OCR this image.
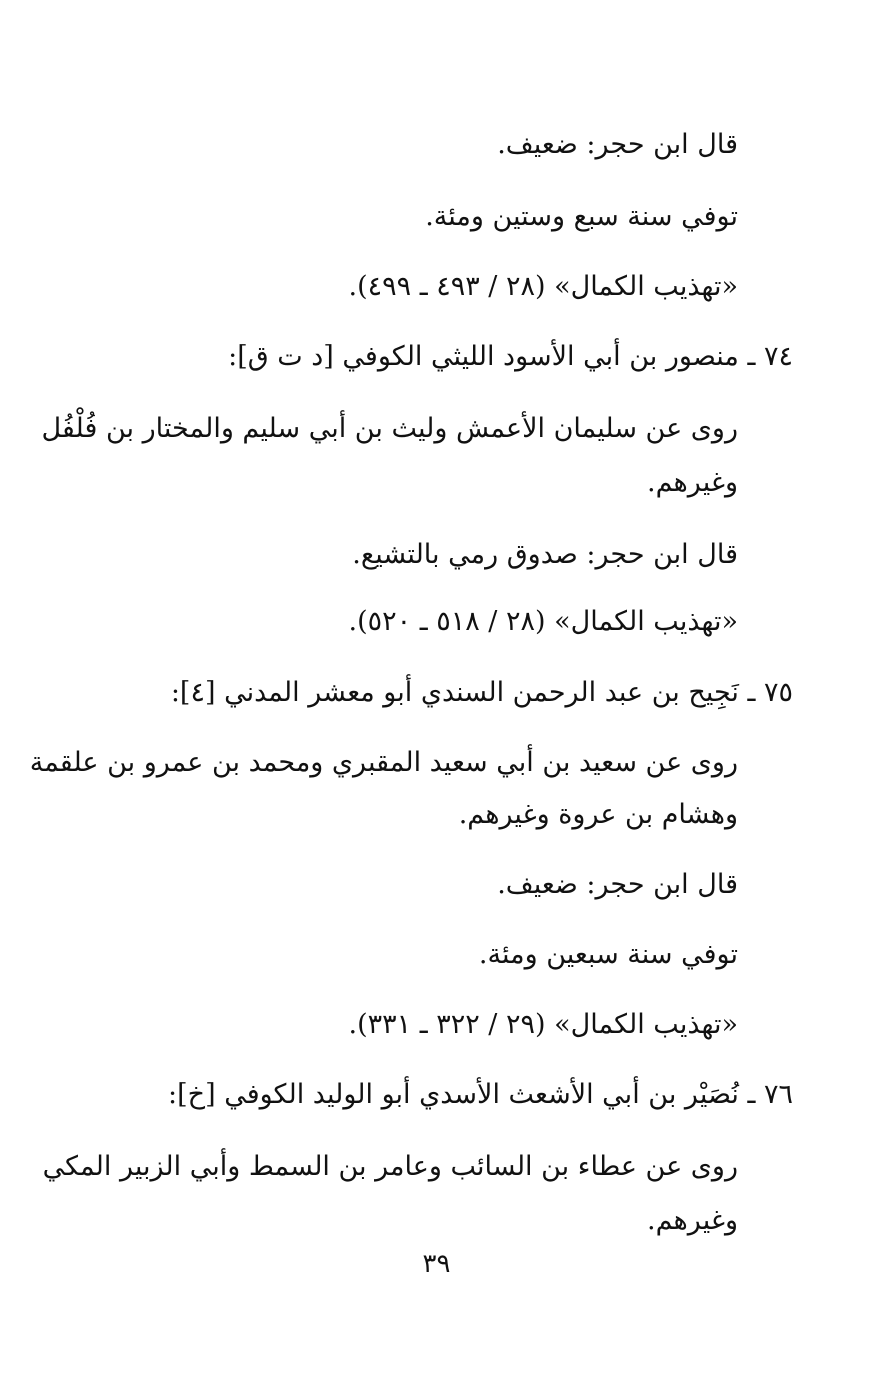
قال ابن حجر: ضعيف.
توفي سنة سبع وستين ومئة.
«تهذيب الكمال» (٢٨ / ٤٩٣ ـ ٤٩٩).
٧٤ ـ منصور بن أبي الأسود الليثي الكوفي [د ت ق]:
روى عن سليمان الأعمش وليث بن أبي سليم والمختار بن فُلْفُل
وغيرهم.
قال ابن حجر: صدوق رمي بالتشيع.
«تهذيب الكمال» (٢٨ / ٥١٨ ـ ٥٢٠).
٧٥ ـ نَجِيح بن عبد الرحمن السندي أبو معشر المدني [٤]:
روى عن سعيد بن أبي سعيد المقبري ومحمد بن عمرو بن علقمة
وهشام بن عروة وغيرهم.
قال ابن حجر: ضعيف.
توفي سنة سبعين ومئة.
«تهذيب الكمال» (٢٩ / ٣٢٢ ـ ٣٣١).
٧٦ ـ نُصَيْر بن أبي الأشعث الأسدي أبو الوليد الكوفي [خ]:
روى عن عطاء بن السائب وعامر بن السمط وأبي الزبير المكي
وغيرهم.
٣٩
